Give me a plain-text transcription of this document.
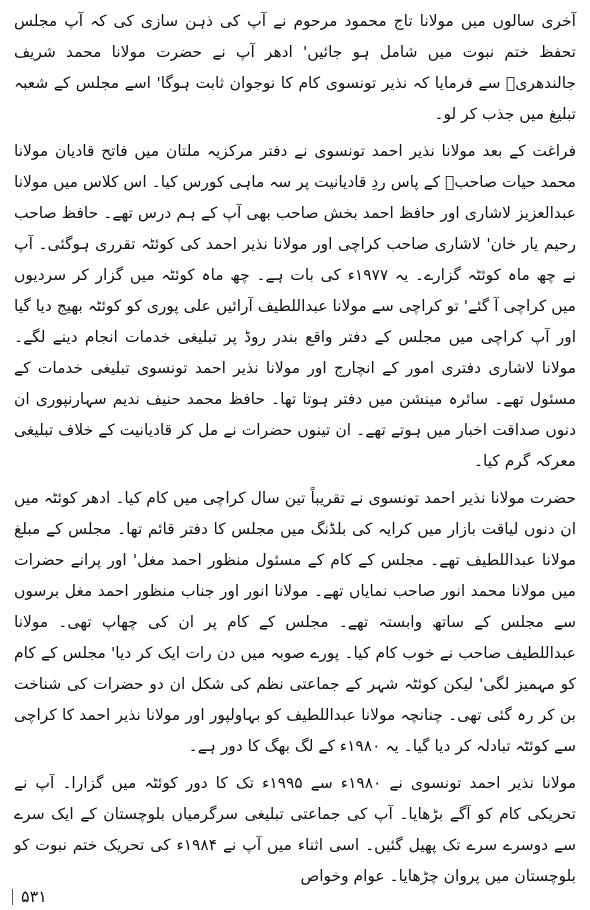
آخری سالوں میں مولانا تاج محمود مرحوم نے آپ کی ذہن سازی کی کہ آپ مجلس تحفظ ختم نبوت میں شامل ہو جائیں' ادھر آپ نے حضرت مولانا محمد شریف جالندھریؒ سے فرمایا کہ نذیر تونسوی کام کا نوجوان ثابت ہوگا' اسے مجلس کے شعبہ تبلیغ میں جذب کر لو۔

فراغت کے بعد مولانا نذیر احمد تونسوی نے دفتر مرکزیہ ملتان میں فاتح قادیان مولانا محمد حیات صاحبؒ کے پاس ردِ قادیانیت پر سہ ماہی کورس کیا۔ اس کلاس میں مولانا عبدالعزیز لاشاری اور حافظ احمد بخش صاحب بھی آپ کے ہم درس تھے۔ حافظ صاحب رحیم یار خان' لاشاری صاحب کراچی اور مولانا نذیر احمد کی کوئٹہ تقرری ہوگئی۔ آپ نے چھ ماہ کوئٹہ گزارے۔ یہ ۱۹۷۷ء کی بات ہے۔ چھ ماہ کوئٹہ میں گزار کر سردیوں میں کراچی آ گئے' تو کراچی سے مولانا عبداللطیف آرائیں علی پوری کو کوئٹہ بھیج دیا گیا اور آپ کراچی میں مجلس کے دفتر واقع بندر روڈ پر تبلیغی خدمات انجام دینے لگے۔ مولانا لاشاری دفتری امور کے انچارج اور مولانا نذیر احمد تونسوی تبلیغی خدمات کے مسئول تھے۔ سائرہ مینشن میں دفتر ہوتا تھا۔ حافظ محمد حنیف ندیم سہارنپوری ان دنوں صداقت اخبار میں ہوتے تھے۔ ان تینوں حضرات نے مل کر قادیانیت کے خلاف تبلیغی معرکہ گرم کیا۔

حضرت مولانا نذیر احمد تونسوی نے تقریباً تین سال کراچی میں کام کیا۔ ادھر کوئٹہ میں ان دنوں لیاقت بازار میں کرایہ کی بلڈنگ میں مجلس کا دفتر قائم تھا۔ مجلس کے مبلغ مولانا عبداللطیف تھے۔ مجلس کے کام کے مسئول منظور احمد مغل' اور پرانے حضرات میں مولانا محمد انور صاحب نمایاں تھے۔ مولانا انور اور جناب منظور احمد مغل برسوں سے مجلس کے ساتھ وابستہ تھے۔ مجلس کے کام پر ان کی چھاپ تھی۔ مولانا عبداللطیف صاحب نے خوب کام کیا۔ پورے صوبہ میں دن رات ایک کر دیا' مجلس کے کام کو مہمیز لگی' لیکن کوئٹہ شہر کے جماعتی نظم کی شکل ان دو حضرات کی شناخت بن کر رہ گئی تھی۔ چنانچہ مولانا عبداللطیف کو بہاولپور اور مولانا نذیر احمد کا کراچی سے کوئٹہ تبادلہ کر دیا گیا۔ یہ ۱۹۸۰ء کے لگ بھگ کا دور ہے۔

مولانا نذیر احمد تونسوی نے ۱۹۸۰ء سے ۱۹۹۵ء تک کا دور کوئٹہ میں گزارا۔ آپ نے تحریکی کام کو آگے بڑھایا۔ آپ کی جماعتی تبلیغی سرگرمیاں بلوچستان کے ایک سرے سے دوسرے سرے تک پھیل گئیں۔ اسی اثناء میں آپ نے ۱۹۸۴ء کی تحریک ختم نبوت کو بلوچستان میں پروان چڑھایا۔ عوام وخواص

۵۳۱
